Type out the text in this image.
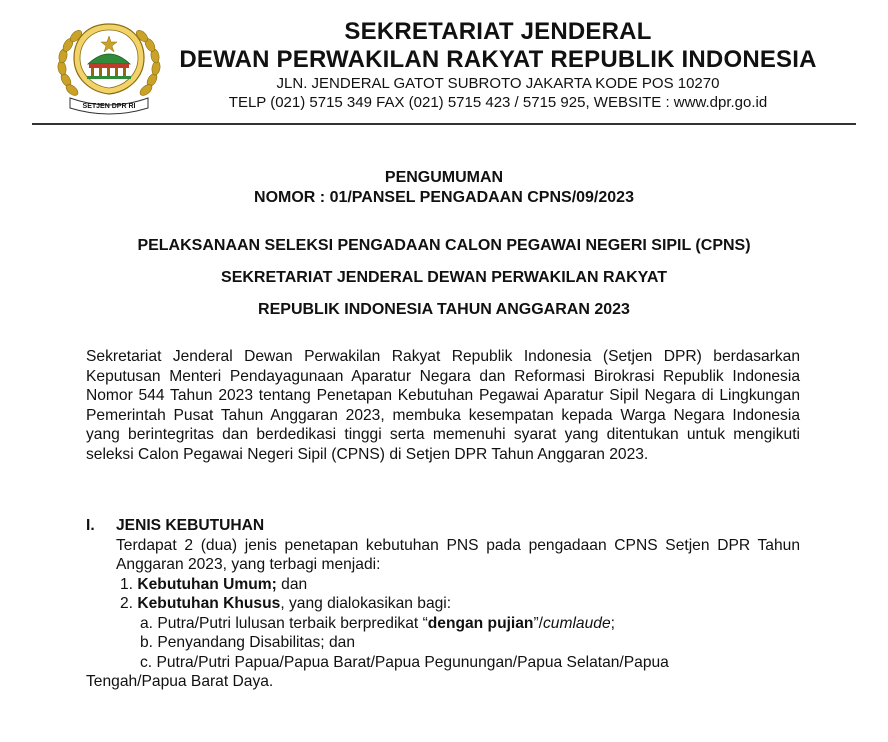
SETJEN DPR RI
SEKRETARIAT JENDERAL
DEWAN PERWAKILAN RAKYAT REPUBLIK INDONESIA
JLN. JENDERAL GATOT SUBROTO JAKARTA KODE POS 10270
TELP (021) 5715 349 FAX (021) 5715 423 / 5715 925, WEBSITE : www.dpr.go.id
PENGUMUMAN
NOMOR : 01/PANSEL PENGADAAN CPNS/09/2023
PELAKSANAAN SELEKSI PENGADAAN CALON PEGAWAI NEGERI SIPIL (CPNS)
SEKRETARIAT JENDERAL DEWAN PERWAKILAN RAKYAT
REPUBLIK INDONESIA TAHUN ANGGARAN 2023
Sekretariat Jenderal Dewan Perwakilan Rakyat Republik Indonesia (Setjen DPR) berdasarkan Keputusan Menteri Pendayagunaan Aparatur Negara dan Reformasi Birokrasi Republik Indonesia Nomor 544 Tahun 2023 tentang Penetapan Kebutuhan Pegawai Aparatur Sipil Negara di Lingkungan Pemerintah Pusat Tahun Anggaran 2023, membuka kesempatan kepada Warga Negara Indonesia yang berintegritas dan berdedikasi tinggi serta memenuhi syarat yang ditentukan untuk mengikuti seleksi Calon Pegawai Negeri Sipil (CPNS) di Setjen DPR Tahun Anggaran 2023.
I. JENIS KEBUTUHAN
Terdapat 2 (dua) jenis penetapan kebutuhan PNS pada pengadaan CPNS Setjen DPR Tahun Anggaran 2023, yang terbagi menjadi:
1. Kebutuhan Umum; dan
2. Kebutuhan Khusus, yang dialokasikan bagi:
a. Putra/Putri lulusan terbaik berpredikat “dengan pujian”/cumlaude;
b. Penyandang Disabilitas; dan
c. Putra/Putri Papua/Papua Barat/Papua Pegunungan/Papua Selatan/Papua
Tengah/Papua Barat Daya.
